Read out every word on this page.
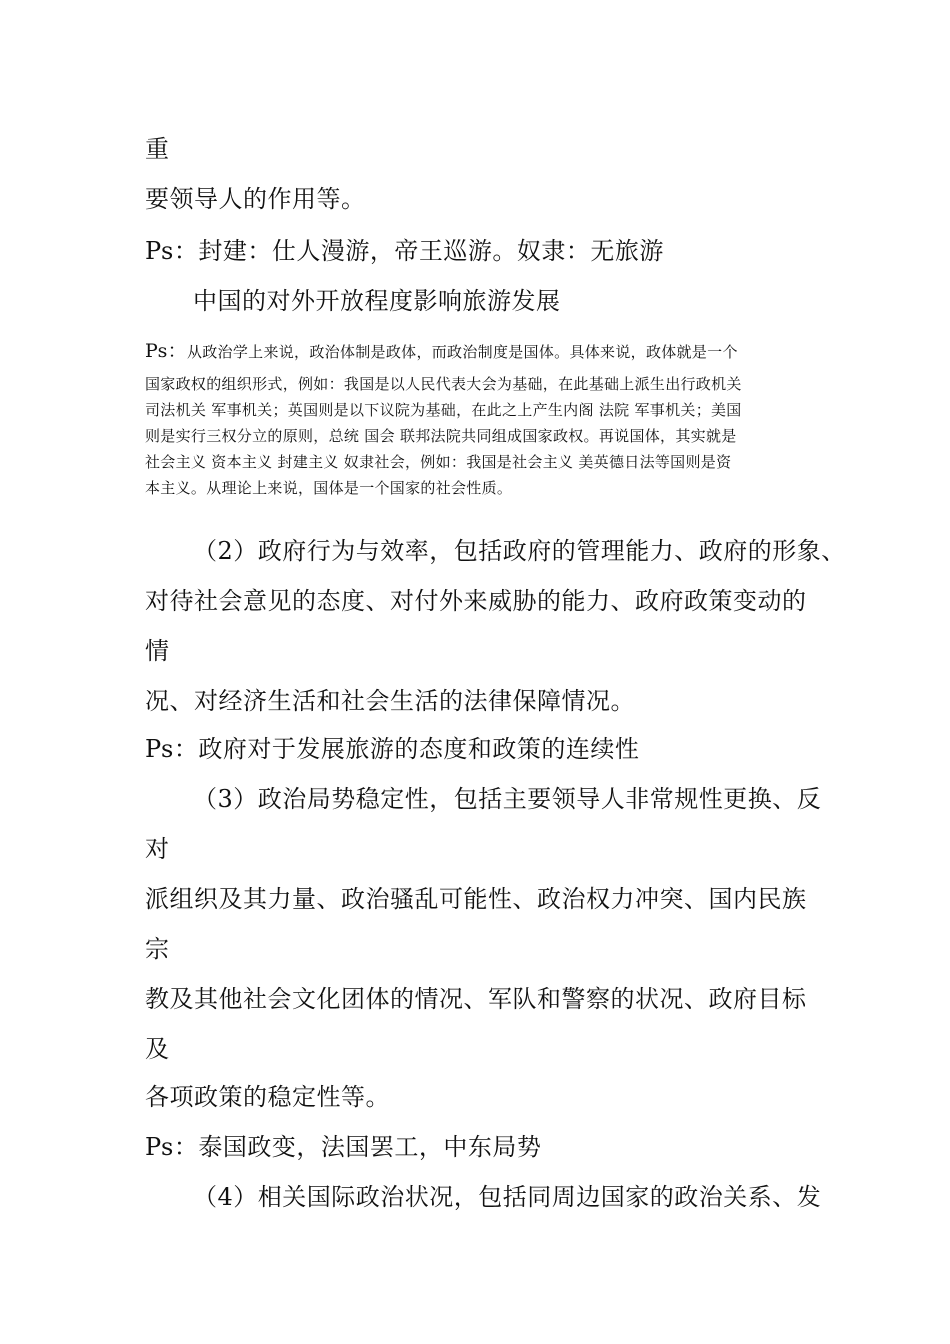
重
要领导人的作用等。
Ps：封建：仕人漫游，帝王巡游。奴隶：无旅游
中国的对外开放程度影响旅游发展
Ps：从政治学上来说，政治体制是政体，而政治制度是国体。具体来说，政体就是一个
国家政权的组织形式，例如：我国是以人民代表大会为基础，在此基础上派生出行政机关
司法机关 军事机关；英国则是以下议院为基础，在此之上产生内阁 法院 军事机关；美国
则是实行三权分立的原则，总统 国会 联邦法院共同组成国家政权。再说国体，其实就是
社会主义 资本主义 封建主义 奴隶社会，例如：我国是社会主义 美英德日法等国则是资
本主义。从理论上来说，国体是一个国家的社会性质。
（2）政府行为与效率，包括政府的管理能力、政府的形象、
对待社会意见的态度、对付外来威胁的能力、政府政策变动的
情
况、对经济生活和社会生活的法律保障情况。
Ps：政府对于发展旅游的态度和政策的连续性
（3）政治局势稳定性，包括主要领导人非常规性更换、反
对
派组织及其力量、政治骚乱可能性、政治权力冲突、国内民族
宗
教及其他社会文化团体的情况、军队和警察的状况、政府目标
及
各项政策的稳定性等。
Ps：泰国政变，法国罢工，中东局势
（4）相关国际政治状况，包括同周边国家的政治关系、发
